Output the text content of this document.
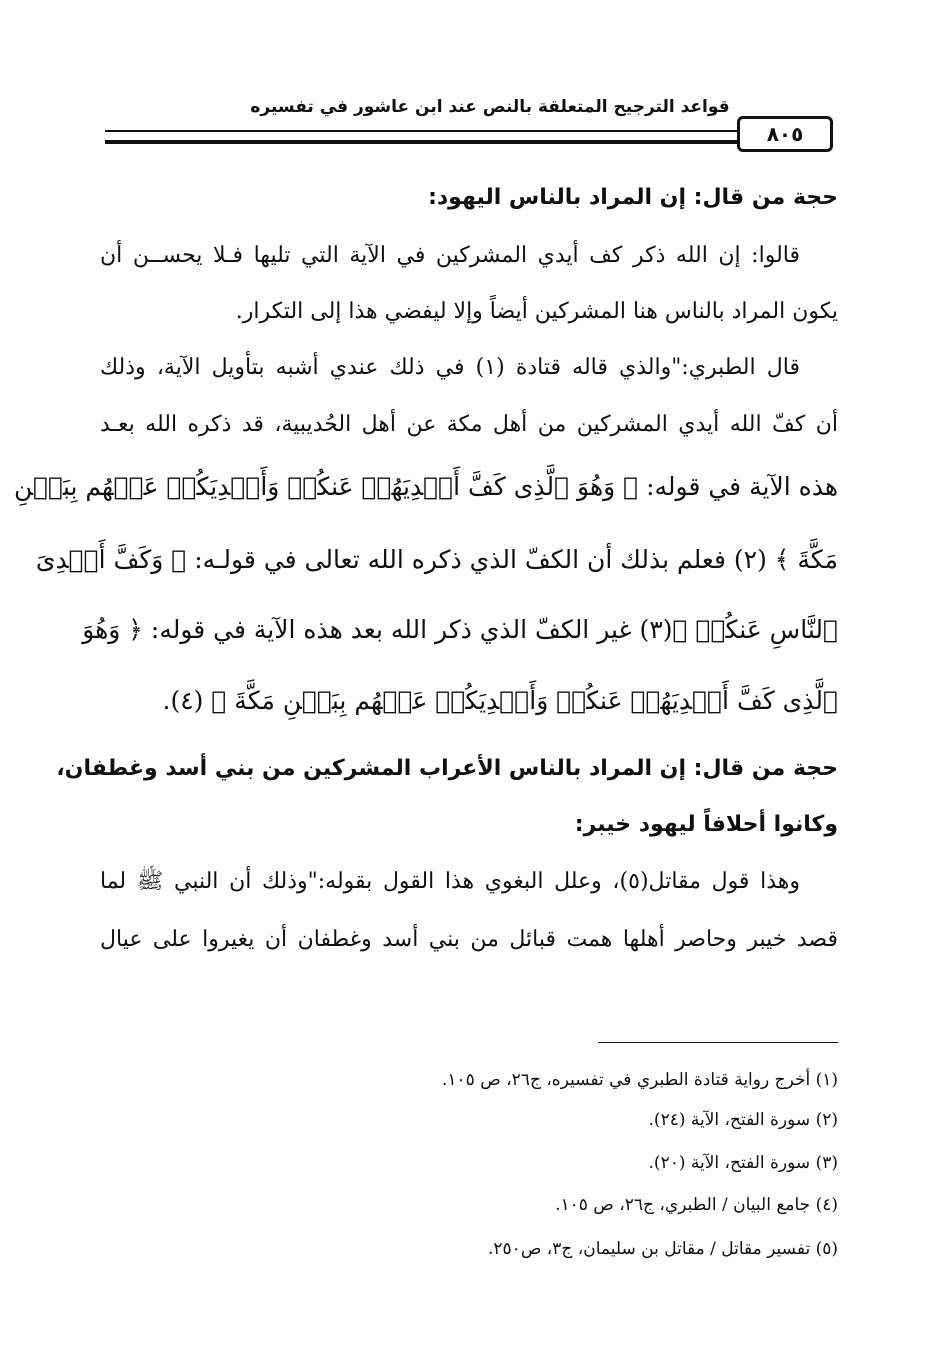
قواعد الترجيح المتعلقة بالنص عند ابن عاشور في تفسيره
٨٠٥
حجة من قال: إن المراد بالناس اليهود:
قالوا: إن الله ذكر كف أيدي المشركين في الآية التي تليها فـلا يحســن أن
يكون المراد بالناس هنا المشركين أيضاً وإلا ليفضي هذا إلى التكرار.
قال الطبري:"والذي قاله قتادة (١) في ذلك عندي أشبه بتأويل الآية، وذلك
أن كفّ الله أيدي المشركين من أهل مكة عن أهل الحُديبية، قد ذكره الله بعـد
هذه الآية في قوله: ﴿ وَهُوَ ٱلَّذِى كَفَّ أَيۡدِيَهُمۡ عَنكُمۡ وَأَيۡدِيَكُمۡ عَنۡهُم بِبَطۡنِ
مَكَّةَ ﴾ (٢) فعلم بذلك أن الكفّ الذي ذكره الله تعالى في قولـه: ﴿ وَكَفَّ أَيۡدِىَ
ٱلنَّاسِ عَنكُمۡ ﴾(٣) غير الكفّ الذي ذكر الله بعد هذه الآية في قوله: ﴿ وَهُوَ
ٱلَّذِى كَفَّ أَيۡدِيَهُمۡ عَنكُمۡ وَأَيۡدِيَكُمۡ عَنۡهُم بِبَطۡنِ مَكَّةَ ﴾ (٤).
حجة من قال: إن المراد بالناس الأعراب المشركين من بني أسد وغطفان،
وكانوا أحلافاً ليهود خيبر:
وهذا قول مقاتل(٥)، وعلل البغوي هذا القول بقوله:"وذلك أن النبي ﷺ لما
قصد خيبر وحاصر أهلها همت قبائل من بني أسد وغطفان أن يغيروا على عيال
(١) أخرج رواية قتادة الطبري في تفسيره، ج٢٦، ص ١٠٥.
(٢) سورة الفتح، الآية (٢٤).
(٣) سورة الفتح، الآية (٢٠).
(٤) جامع البيان / الطبري، ج٢٦، ص ١٠٥.
(٥) تفسير مقاتل / مقاتل بن سليمان، ج٣، ص٢٥٠.
